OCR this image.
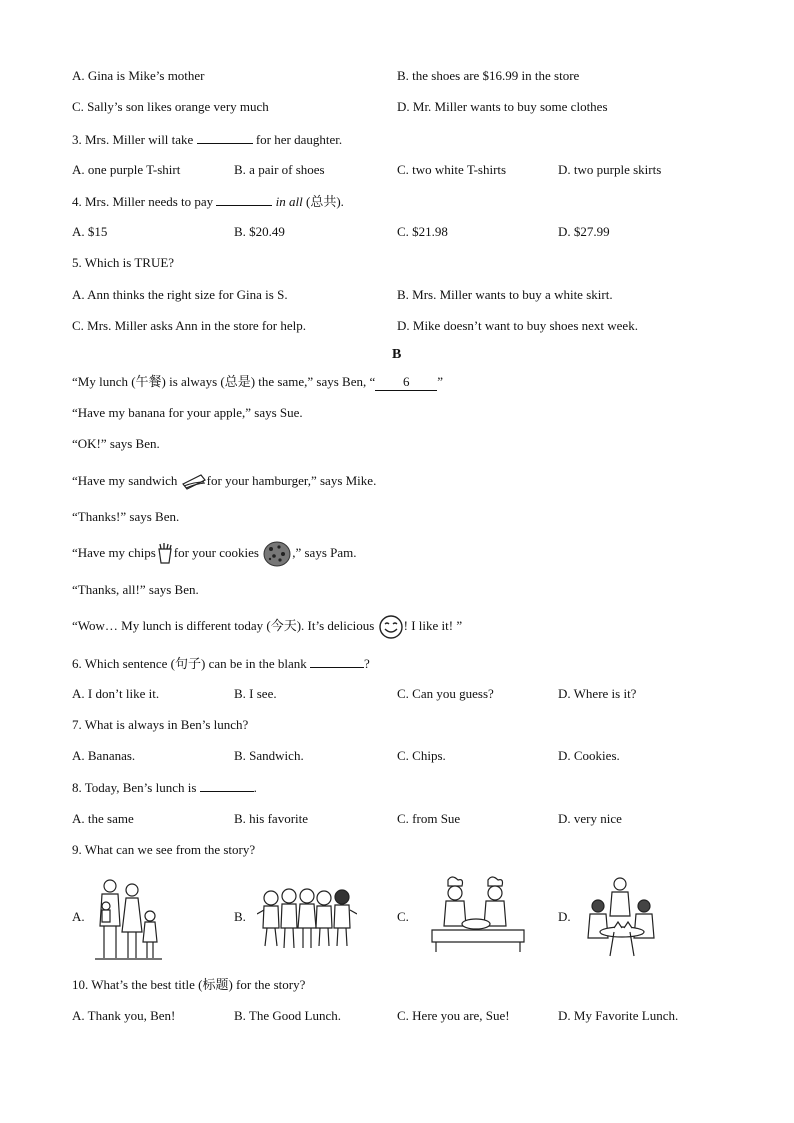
A. Gina is Mike’s mother	B. the shoes are $16.99 in the store
C. Sally’s son likes orange very much	D. Mr. Miller wants to buy some clothes
3. Mrs. Miller will take	for her daughter.
A. one purple T-shirt	B. a pair of shoes	C. two white T-shirts	D. two purple skirts
4. Mrs. Miller needs to pay	in all (总共).
A. $15	B. $20.49	C. $21.98	D. $27.99
5. Which is TRUE?
A. Ann thinks the right size for Gina is S.	B. Mrs. Miller wants to buy a white skirt.
C. Mrs. Miller asks Ann in the store for help.	D. Mike doesn’t want to buy shoes next week.
B
“My lunch (午餐) is always (总是) the same,” says Ben, “ 6 ”
“Have my banana for your apple,” says Sue.
“OK!” says Ben.
“Have my sandwich for your hamburger,” says Mike.
“Thanks!” says Ben.
“Have my chips for your cookies ,” says Pam.
“Thanks, all!” says Ben.
“Wow… My lunch is different today (今天). It’s delicious ! I like it! ”
6. Which sentence (句子) can be in the blank	?
A. I don’t like it.	B. I see.	C. Can you guess?	D. Where is it?
7. What is always in Ben’s lunch?
A. Bananas.	B. Sandwich.	C. Chips.	D. Cookies.
8. Today, Ben’s lunch is	.
A. the same	B. his favorite	C. from Sue	D. very nice
9. What can we see from the story?
A.	B.	C.	D.
10. What’s the best title (标题) for the story?
A. Thank you, Ben!	B. The Good Lunch.	C. Here you are, Sue!	D. My Favorite Lunch.
